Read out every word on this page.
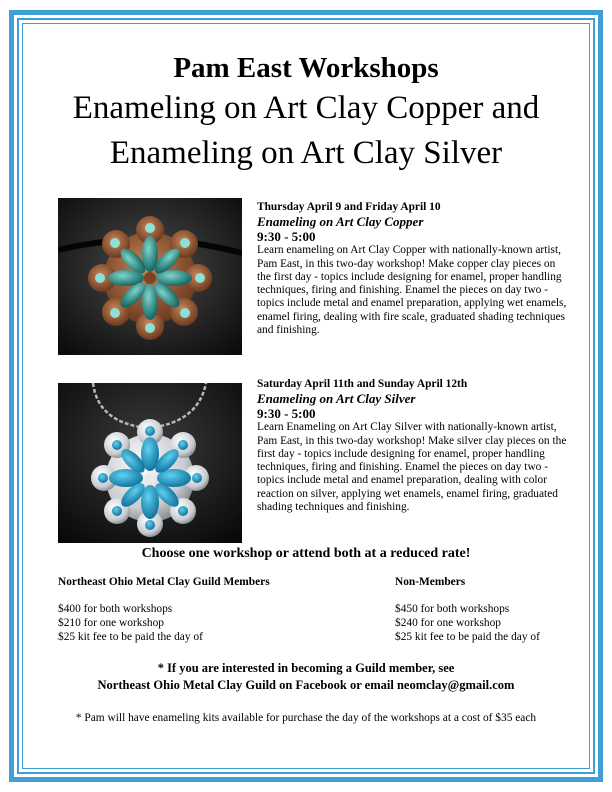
Pam East Workshops
Enameling on Art Clay Copper and
Enameling on Art Clay Silver
Thursday April 9 and Friday April 10
Enameling on Art Clay Copper
9:30 - 5:00
Learn enameling on Art Clay Copper with nationally-known artist, Pam East, in this two-day workshop! Make copper clay pieces on the first day - topics include designing for enamel, proper handling techniques, firing and finishing. Enamel the pieces on day two - topics include metal and enamel preparation, applying wet enamels, enamel firing, dealing with fire scale, graduated shading techniques and finishing.
Saturday April 11th and Sunday April 12th
Enameling on Art Clay Silver
9:30 - 5:00
Learn Enameling on Art Clay Silver with nationally-known artist, Pam East, in this two-day workshop! Make silver clay pieces on the first day - topics include designing for enamel, proper handling techniques, firing and finishing. Enamel the pieces on day two - topics include metal and enamel preparation, dealing with color reaction on silver, applying wet enamels, enamel firing, graduated shading techniques and finishing.
Choose one workshop or attend both at a reduced rate!
Northeast Ohio Metal Clay Guild Members
$400 for both workshops
$210 for one workshop
$25 kit fee to be paid the day of
Non-Members
$450 for both workshops
$240 for one workshop
$25 kit fee to be paid the day of
* If you are interested in becoming a Guild member, see
Northeast Ohio Metal Clay Guild on Facebook or email neomclay@gmail.com
* Pam will have enameling kits available for purchase the day of the workshops at a cost of $35 each
